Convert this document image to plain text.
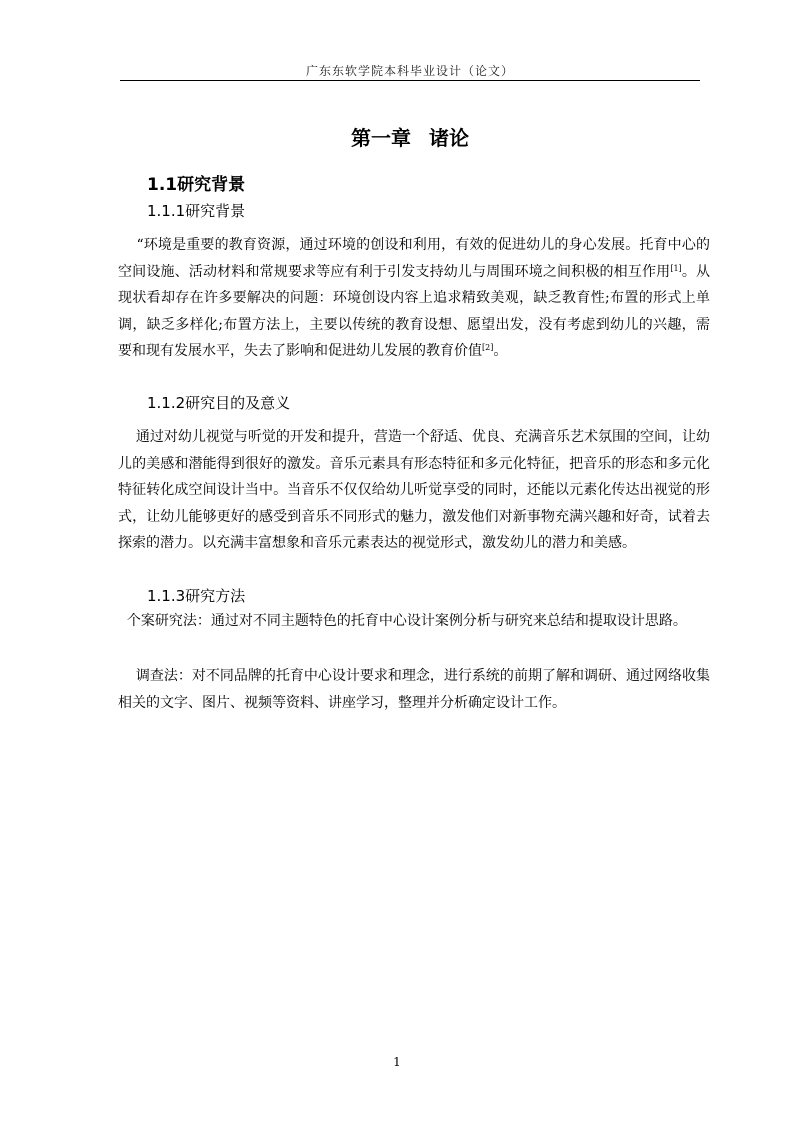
广东东软学院本科毕业设计（论文）
第一章 诸论
1.1研究背景
1.1.1研究背景

“环境是重要的教育资源，通过环境的创设和利用，有效的促进幼儿的身心发展。托育中心的空间设施、活动材料和常规要求等应有利于引发支持幼儿与周围环境之间积极的相互作用[1]。从现状看却存在许多要解决的问题：环境创设内容上追求精致美观，缺乏教育性;布置的形式上单调，缺乏多样化;布置方法上，主要以传统的教育设想、愿望出发，没有考虑到幼儿的兴趣，需要和现有发展水平，失去了影响和促进幼儿发展的教育价值[2]。

1.1.2研究目的及意义

通过对幼儿视觉与听觉的开发和提升，营造一个舒适、优良、充满音乐艺术氛围的空间，让幼儿的美感和潜能得到很好的激发。音乐元素具有形态特征和多元化特征，把音乐的形态和多元化特征转化成空间设计当中。当音乐不仅仅给幼儿听觉享受的同时，还能以元素化传达出视觉的形式，让幼儿能够更好的感受到音乐不同形式的魅力，激发他们对新事物充满兴趣和好奇，试着去探索的潜力。以充满丰富想象和音乐元素表达的视觉形式，激发幼儿的潜力和美感。

1.1.3研究方法

个案研究法：通过对不同主题特色的托育中心设计案例分析与研究来总结和提取设计思路。

调查法：对不同品牌的托育中心设计要求和理念，进行系统的前期了解和调研、通过网络收集相关的文字、图片、视频等资料、讲座学习，整理并分析确定设计工作。

1
